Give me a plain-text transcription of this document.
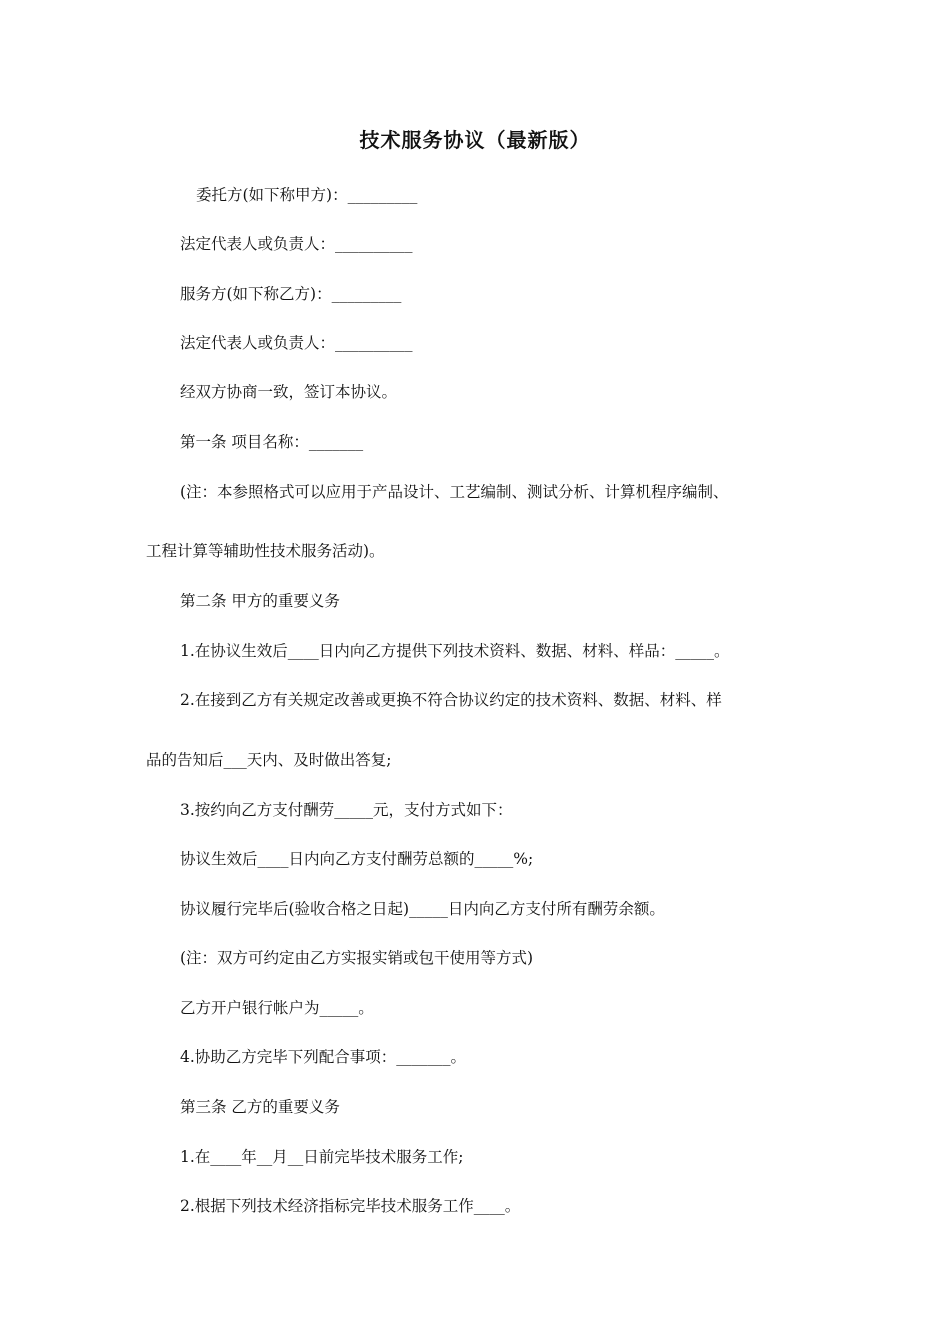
技术服务协议（最新版）
委托方(如下称甲方)：_________
法定代表人或负责人：__________
服务方(如下称乙方)：_________
法定代表人或负责人：__________
经双方协商一致，签订本协议。
第一条 项目名称：_______
(注：本参照格式可以应用于产品设计、工艺编制、测试分析、计算机程序编制、
工程计算等辅助性技术服务活动)。
第二条 甲方的重要义务
1.在协议生效后____日内向乙方提供下列技术资料、数据、材料、样品：_____。
2.在接到乙方有关规定改善或更换不符合协议约定的技术资料、数据、材料、样
品的告知后___天内、及时做出答复;
3.按约向乙方支付酬劳_____元，支付方式如下：
协议生效后____日内向乙方支付酬劳总额的_____%;
协议履行完毕后(验收合格之日起)_____日内向乙方支付所有酬劳余额。
(注：双方可约定由乙方实报实销或包干使用等方式)
乙方开户银行帐户为_____。
4.协助乙方完毕下列配合事项：_______。
第三条 乙方的重要义务
1.在____年__月__日前完毕技术服务工作;
2.根据下列技术经济指标完毕技术服务工作____。
